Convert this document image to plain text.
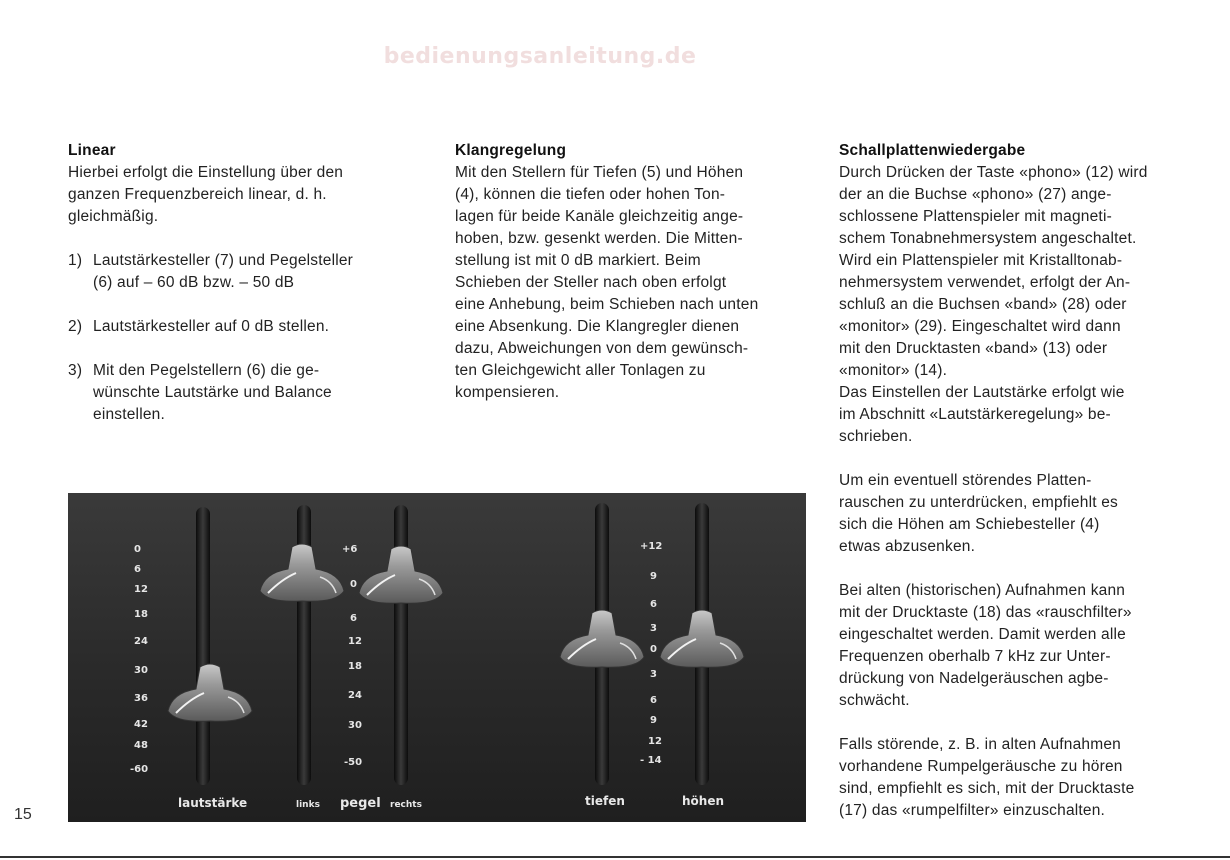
bedienungsanleitung.de
Linear
Hierbei erfolgt die Einstellung über den
ganzen Frequenzbereich linear, d. h.
gleichmäßig.
1) Lautstärkesteller (7) und Pegelsteller
(6) auf – 60 dB bzw. – 50 dB
2) Lautstärkesteller auf 0 dB stellen.
3) Mit den Pegelstellern (6) die ge-
wünschte Lautstärke und Balance
einstellen.
Klangregelung
Mit den Stellern für Tiefen (5) und Höhen
(4), können die tiefen oder hohen Ton-
lagen für beide Kanäle gleichzeitig ange-
hoben, bzw. gesenkt werden. Die Mitten-
stellung ist mit 0 dB markiert. Beim
Schieben der Steller nach oben erfolgt
eine Anhebung, beim Schieben nach unten
eine Absenkung. Die Klangregler dienen
dazu, Abweichungen von dem gewünsch-
ten Gleichgewicht aller Tonlagen zu
kompensieren.
Schallplattenwiedergabe
Durch Drücken der Taste «phono» (12) wird
der an die Buchse «phono» (27) ange-
schlossene Plattenspieler mit magneti-
schem Tonabnehmersystem angeschaltet.
Wird ein Plattenspieler mit Kristalltonab-
nehmersystem verwendet, erfolgt der An-
schluß an die Buchsen «band» (28) oder
«monitor» (29). Eingeschaltet wird dann
mit den Drucktasten «band» (13) oder
«monitor» (14).
Das Einstellen der Lautstärke erfolgt wie
im Abschnitt «Lautstärkeregelung» be-
schrieben.
Um ein eventuell störendes Platten-
rauschen zu unterdrücken, empfiehlt es
sich die Höhen am Schiebesteller (4)
etwas abzusenken.
Bei alten (historischen) Aufnahmen kann
mit der Drucktaste (18) das «rauschfilter»
eingeschaltet werden. Damit werden alle
Frequenzen oberhalb 7 kHz zur Unter-
drückung von Nadelgeräuschen agbe-
schwächt.
Falls störende, z. B. in alten Aufnahmen
vorhandene Rumpelgeräusche zu hören
sind, empfiehlt es sich, mit der Drucktaste
(17) das «rumpelfilter» einzuschalten.
0
6
12
18
24
30
36
42
48
-60
+6
0
6
12
18
24
30
-50
+12
9
6
3
0
3
6
9
12
- 14
lautstärke	links pegel rechts	tiefen	höhen
15
